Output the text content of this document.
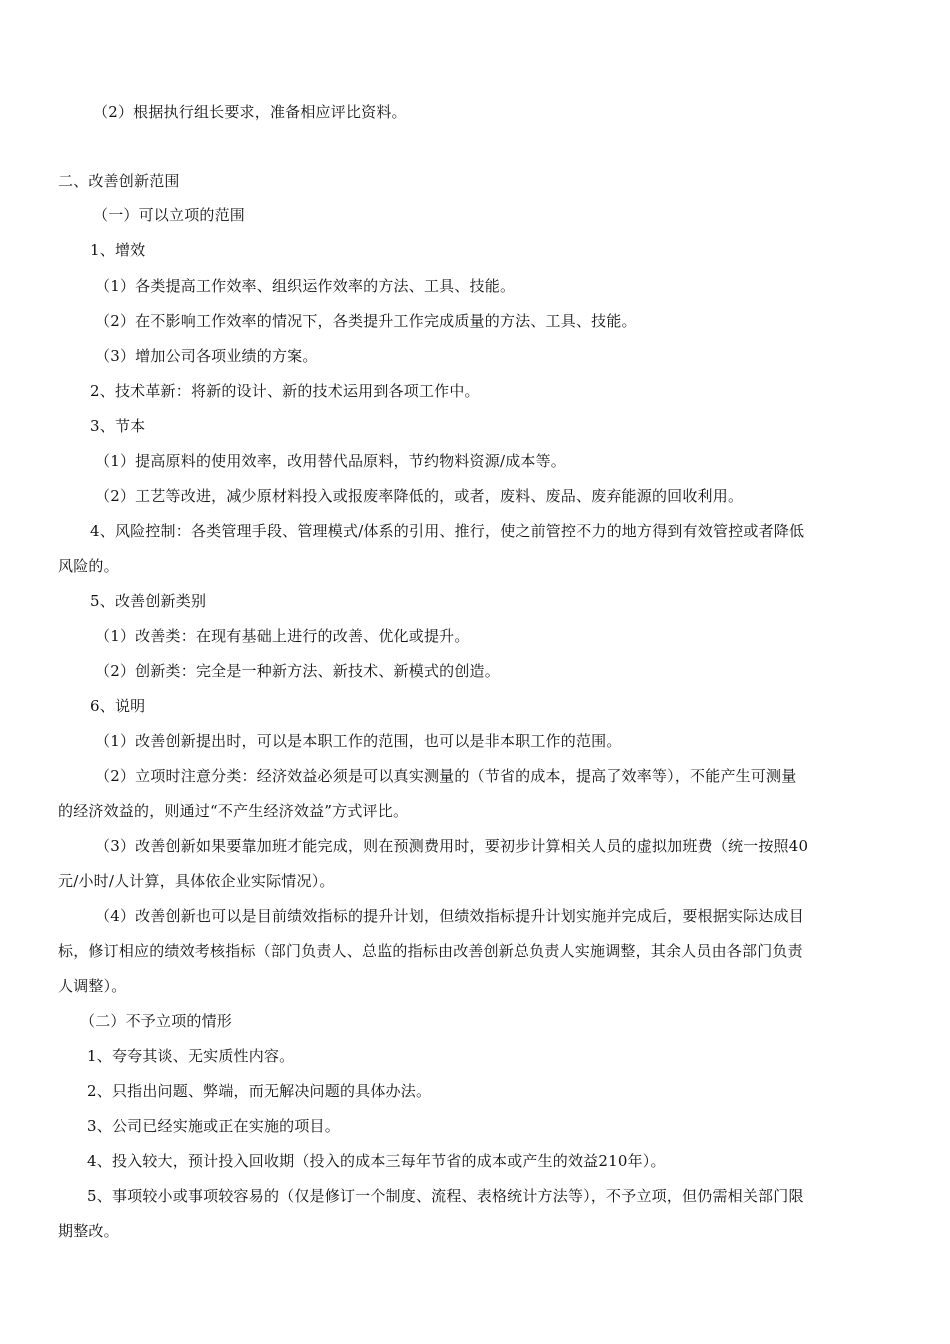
（2）根据执行组长要求，准备相应评比资料。
二、改善创新范围
（一）可以立项的范围
1、增效
（1）各类提高工作效率、组织运作效率的方法、工具、技能。
（2）在不影响工作效率的情况下，各类提升工作完成质量的方法、工具、技能。
（3）增加公司各项业绩的方案。
2、技术革新：将新的设计、新的技术运用到各项工作中。
3、节本
（1）提高原料的使用效率，改用替代品原料，节约物料资源/成本等。
（2）工艺等改进，减少原材料投入或报废率降低的，或者，废料、废品、废弃能源的回收利用。
4、风险控制：各类管理手段、管理模式/体系的引用、推行，使之前管控不力的地方得到有效管控或者降低
风险的。
5、改善创新类别
（1）改善类：在现有基础上进行的改善、优化或提升。
（2）创新类：完全是一种新方法、新技术、新模式的创造。
6、说明
（1）改善创新提出时，可以是本职工作的范围，也可以是非本职工作的范围。
（2）立项时注意分类：经济效益必须是可以真实测量的（节省的成本，提高了效率等），不能产生可测量
的经济效益的，则通过“不产生经济效益”方式评比。
（3）改善创新如果要靠加班才能完成，则在预测费用时，要初步计算相关人员的虚拟加班费（统一按照40
元/小时/人计算，具体依企业实际情况）。
（4）改善创新也可以是目前绩效指标的提升计划，但绩效指标提升计划实施并完成后，要根据实际达成目
标，修订相应的绩效考核指标（部门负责人、总监的指标由改善创新总负责人实施调整，其余人员由各部门负责
人调整）。
（二）不予立项的情形
1、夸夸其谈、无实质性内容。
2、只指出问题、弊端，而无解决问题的具体办法。
3、公司已经实施或正在实施的项目。
4、投入较大，预计投入回收期（投入的成本三每年节省的成本或产生的效益210年）。
5、事项较小或事项较容易的（仅是修订一个制度、流程、表格统计方法等），不予立项，但仍需相关部门限
期整改。
